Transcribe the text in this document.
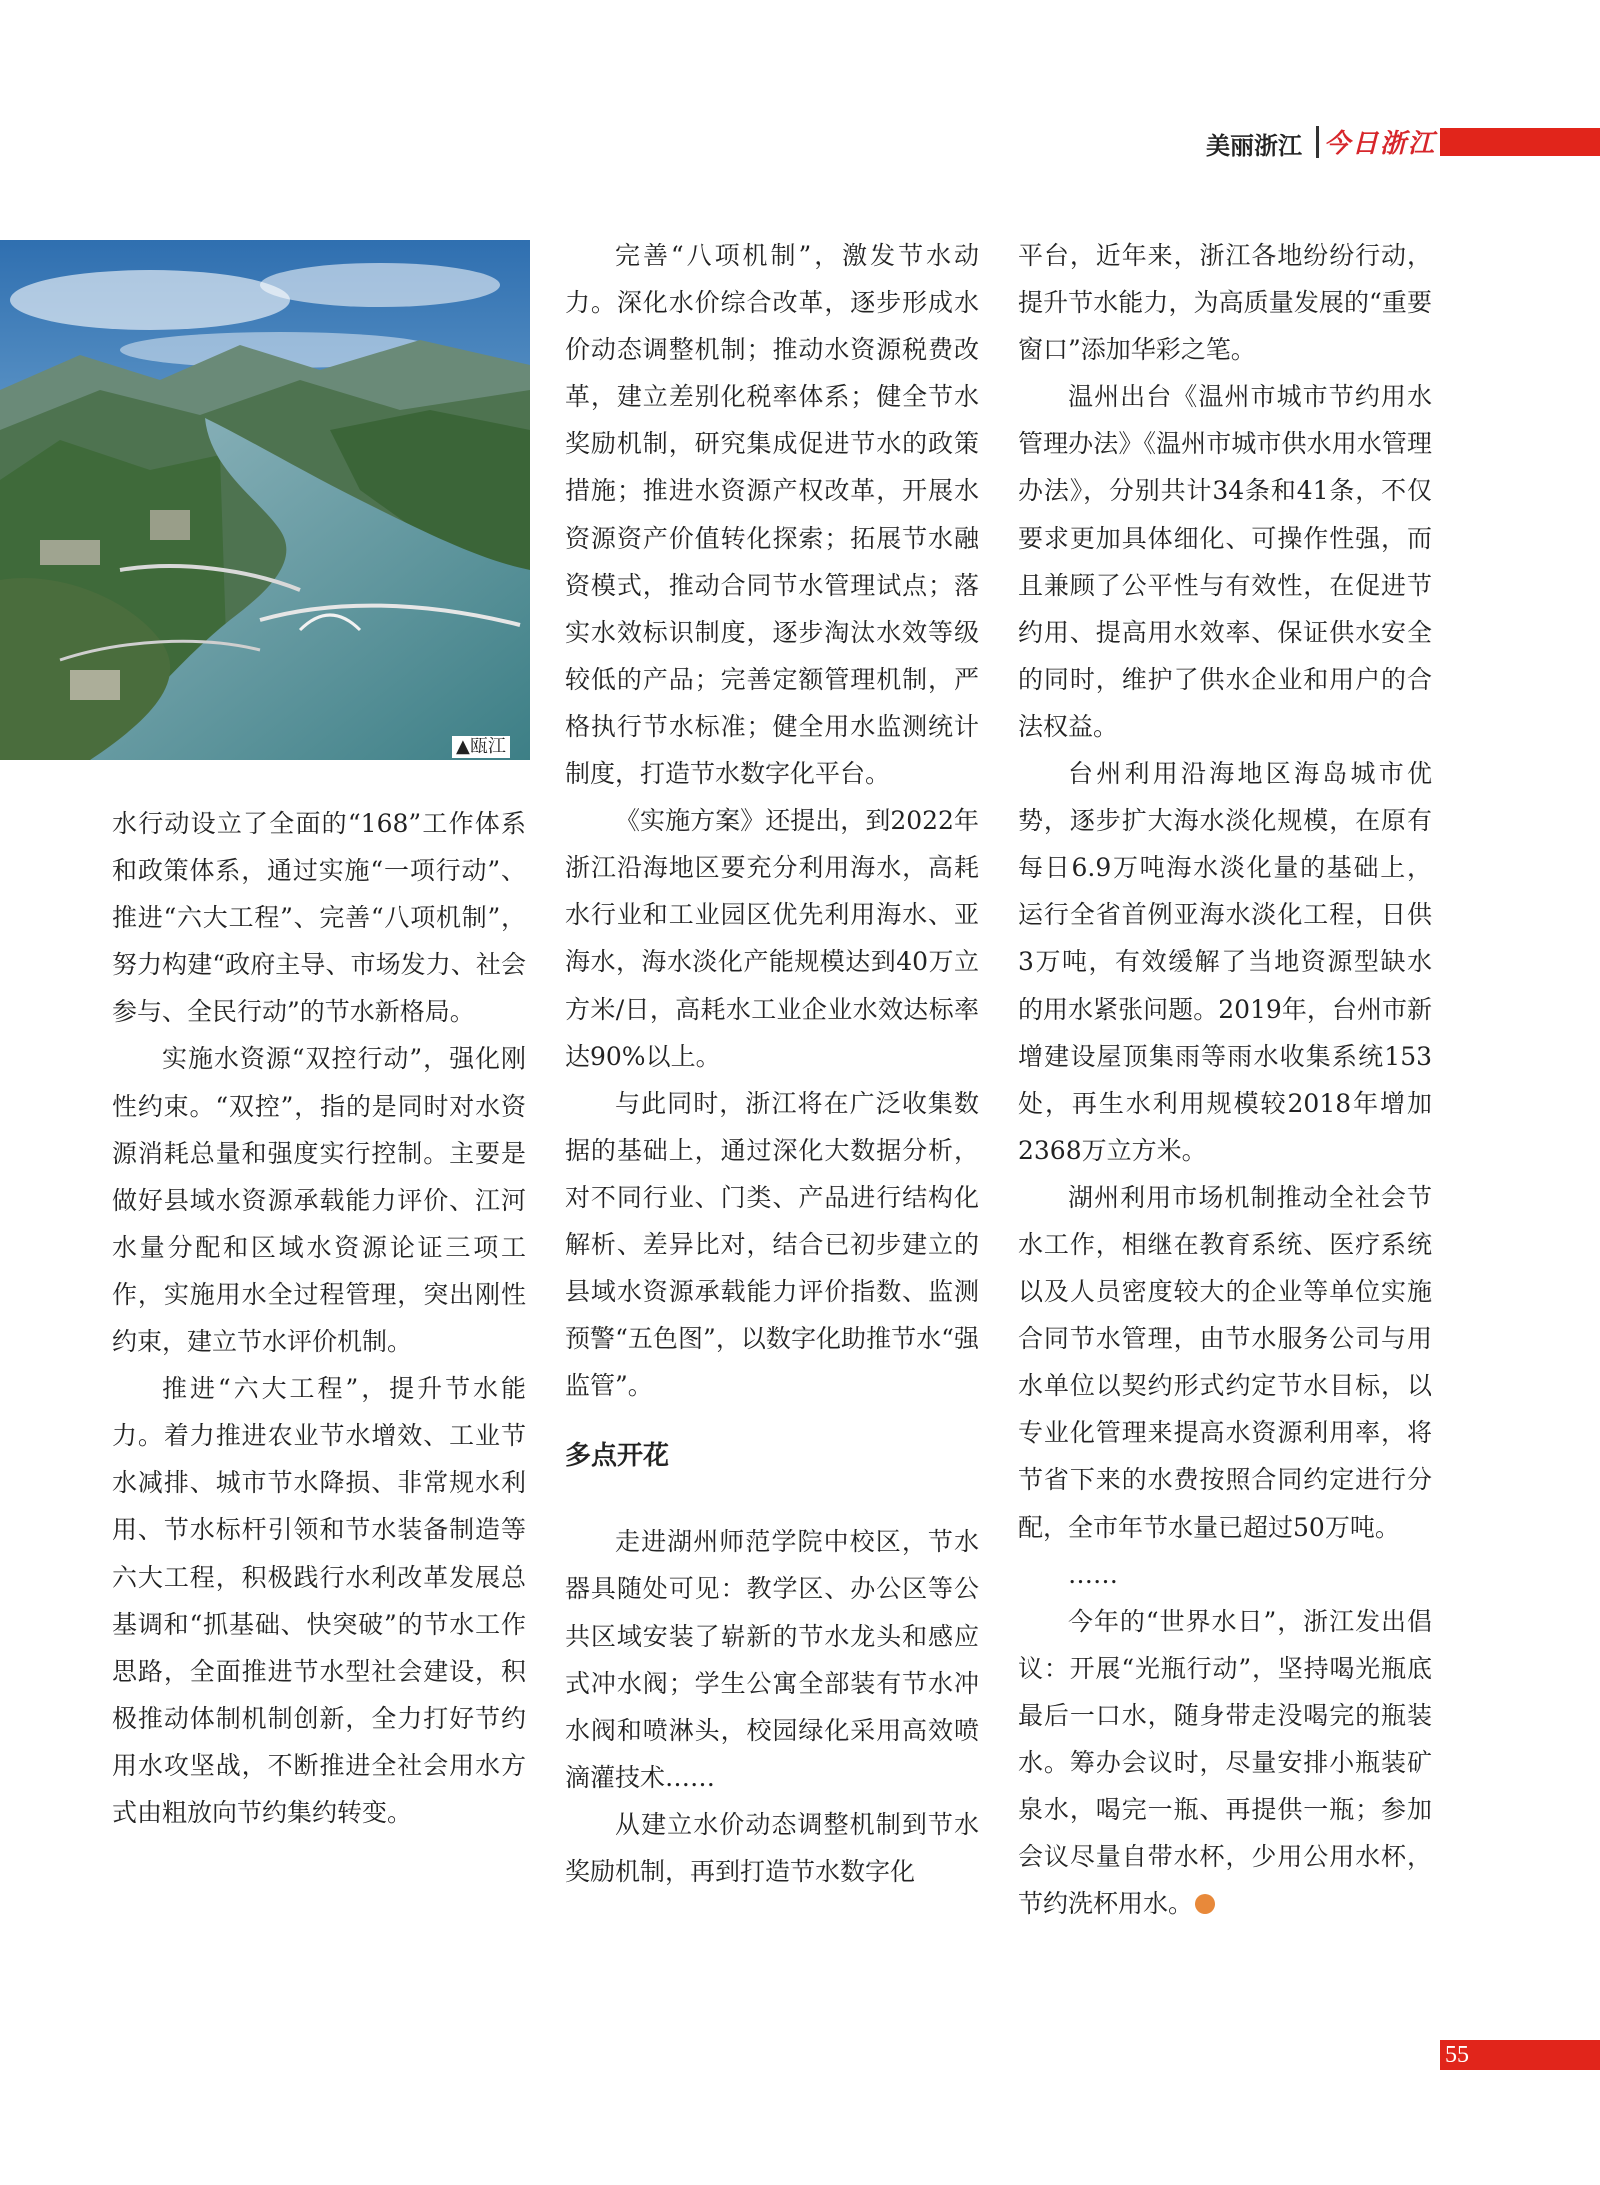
美丽浙江 今日浙江
▲瓯江

水行动设立了全面的“168”工作体系和政策体系，通过实施“一项行动”、推进“六大工程”、完善“八项机制”，努力构建“政府主导、市场发力、社会参与、全民行动”的节水新格局。

实施水资源“双控行动”，强化刚性约束。“双控”，指的是同时对水资源消耗总量和强度实行控制。主要是做好县域水资源承载能力评价、江河水量分配和区域水资源论证三项工作，实施用水全过程管理，突出刚性约束，建立节水评价机制。

推进“六大工程”，提升节水能力。着力推进农业节水增效、工业节水减排、城市节水降损、非常规水利用、节水标杆引领和节水装备制造等六大工程，积极践行水利改革发展总基调和“抓基础、快突破”的节水工作思路，全面推进节水型社会建设，积极推动体制机制创新，全力打好节约用水攻坚战，不断推进全社会用水方式由粗放向节约集约转变。

完善“八项机制”，激发节水动力。深化水价综合改革，逐步形成水价动态调整机制；推动水资源税费改革，建立差别化税率体系；健全节水奖励机制，研究集成促进节水的政策措施；推进水资源产权改革，开展水资源资产价值转化探索；拓展节水融资模式，推动合同节水管理试点；落实水效标识制度，逐步淘汰水效等级较低的产品；完善定额管理机制，严格执行节水标准；健全用水监测统计制度，打造节水数字化平台。

《实施方案》还提出，到2022年浙江沿海地区要充分利用海水，高耗水行业和工业园区优先利用海水、亚海水，海水淡化产能规模达到40万立方米/日，高耗水工业企业水效达标率达90%以上。

与此同时，浙江将在广泛收集数据的基础上，通过深化大数据分析，对不同行业、门类、产品进行结构化解析、差异比对，结合已初步建立的县域水资源承载能力评价指数、监测预警“五色图”，以数字化助推节水“强监管”。

多点开花

走进湖州师范学院中校区，节水器具随处可见：教学区、办公区等公共区域安装了崭新的节水龙头和感应式冲水阀；学生公寓全部装有节水冲水阀和喷淋头，校园绿化采用高效喷滴灌技术……

从建立水价动态调整机制到节水奖励机制，再到打造节水数字化

平台，近年来，浙江各地纷纷行动，提升节水能力，为高质量发展的“重要窗口”添加华彩之笔。

温州出台《温州市城市节约用水管理办法》《温州市城市供水用水管理办法》，分别共计34条和41条，不仅要求更加具体细化、可操作性强，而且兼顾了公平性与有效性，在促进节约用、提高用水效率、保证供水安全的同时，维护了供水企业和用户的合法权益。

台州利用沿海地区海岛城市优势，逐步扩大海水淡化规模，在原有每日6.9万吨海水淡化量的基础上，运行全省首例亚海水淡化工程，日供3万吨，有效缓解了当地资源型缺水的用水紧张问题。2019年，台州市新增建设屋顶集雨等雨水收集系统153处，再生水利用规模较2018年增加2368万立方米。

湖州利用市场机制推动全社会节水工作，相继在教育系统、医疗系统以及人员密度较大的企业等单位实施合同节水管理，由节水服务公司与用水单位以契约形式约定节水目标，以专业化管理来提高水资源利用率，将节省下来的水费按照合同约定进行分配，全市年节水量已超过50万吨。

……

今年的“世界水日”，浙江发出倡议：开展“光瓶行动”，坚持喝光瓶底最后一口水，随身带走没喝完的瓶装水。筹办会议时，尽量安排小瓶装矿泉水，喝完一瓶、再提供一瓶；参加会议尽量自带水杯，少用公用水杯，节约洗杯用水。

55
